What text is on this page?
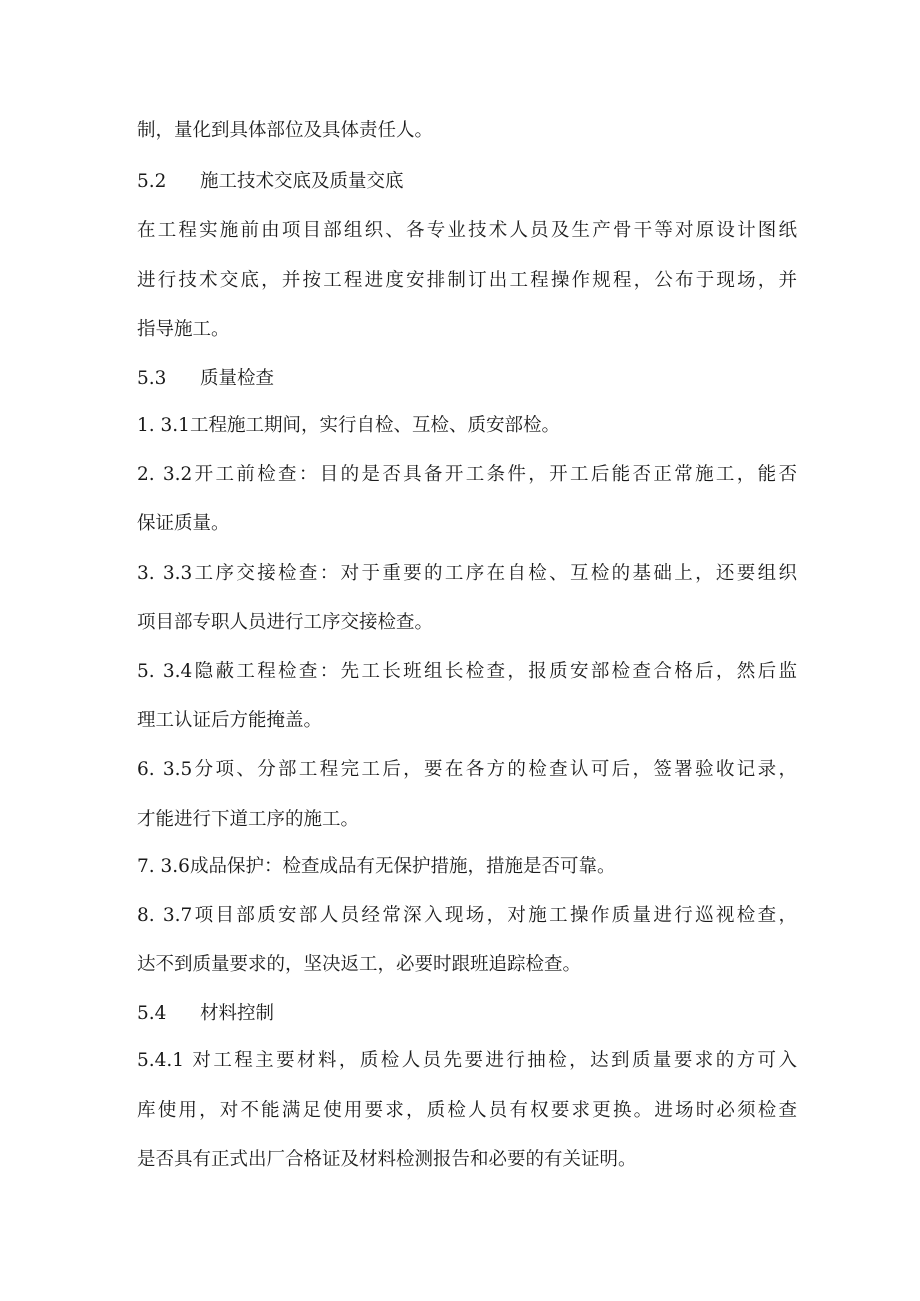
制，量化到具体部位及具体责任人。
5.2 施工技术交底及质量交底
在工程实施前由项目部组织、各专业技术人员及生产骨干等对原设计图纸
进行技术交底，并按工程进度安排制订出工程操作规程，公布于现场，并
指导施工。
5.3 质量检查
1. 3.1工程施工期间，实行自检、互检、质安部检。
2. 3.2开工前检查：目的是否具备开工条件，开工后能否正常施工，能否
保证质量。
3. 3.3工序交接检查：对于重要的工序在自检、互检的基础上，还要组织
项目部专职人员进行工序交接检查。
5. 3.4隐蔽工程检查：先工长班组长检查，报质安部检查合格后，然后监
理工认证后方能掩盖。
6. 3.5分项、分部工程完工后，要在各方的检查认可后，签署验收记录，
才能进行下道工序的施工。
7. 3.6成品保护：检查成品有无保护措施，措施是否可靠。
8. 3.7项目部质安部人员经常深入现场，对施工操作质量进行巡视检查，
达不到质量要求的，坚决返工，必要时跟班追踪检查。
5.4 材料控制
5.4.1 对工程主要材料，质检人员先要进行抽检，达到质量要求的方可入
库使用，对不能满足使用要求，质检人员有权要求更换。进场时必须检查
是否具有正式出厂合格证及材料检测报告和必要的有关证明。
